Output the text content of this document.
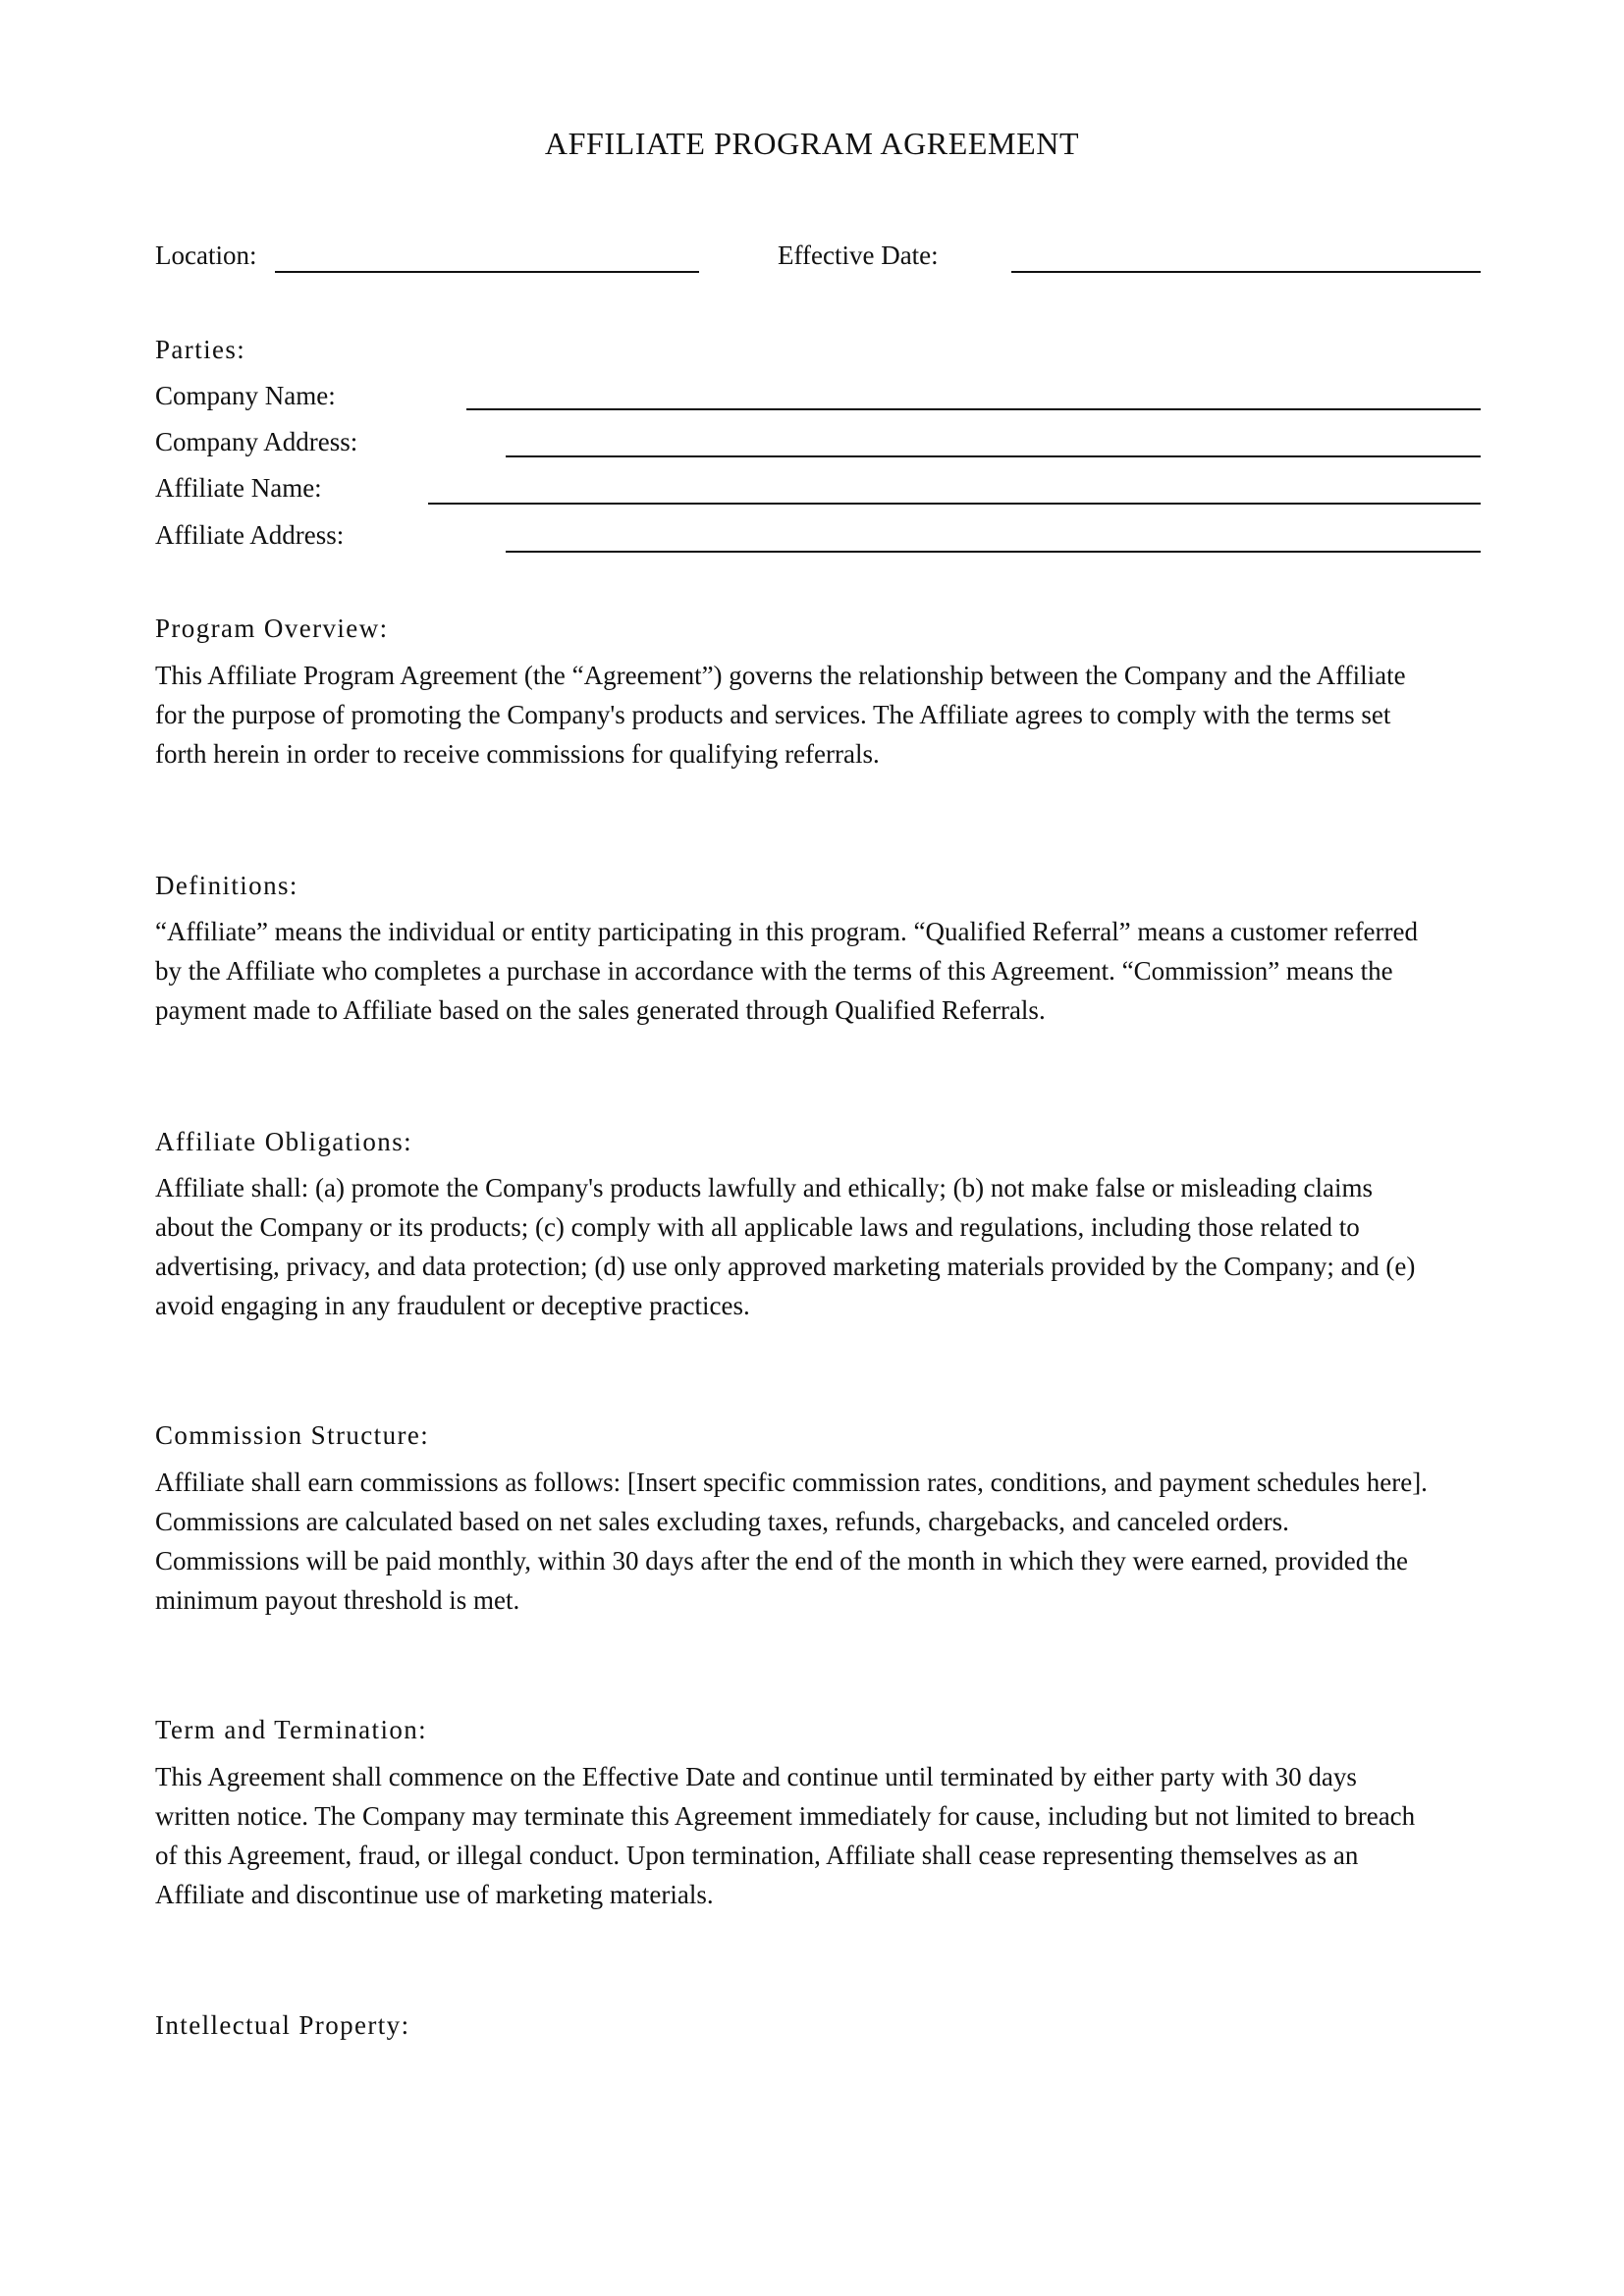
AFFILIATE PROGRAM AGREEMENT
Location:	Effective Date:
Parties:
Company Name:
Company Address:
Affiliate Name:
Affiliate Address:
Program Overview:
This Affiliate Program Agreement (the “Agreement”) governs the relationship between the Company and the Affiliate
for the purpose of promoting the Company's products and services. The Affiliate agrees to comply with the terms set
forth herein in order to receive commissions for qualifying referrals.
Definitions:
“Affiliate” means the individual or entity participating in this program. “Qualified Referral” means a customer referred
by the Affiliate who completes a purchase in accordance with the terms of this Agreement. “Commission” means the
payment made to Affiliate based on the sales generated through Qualified Referrals.
Affiliate Obligations:
Affiliate shall: (a) promote the Company's products lawfully and ethically; (b) not make false or misleading claims
about the Company or its products; (c) comply with all applicable laws and regulations, including those related to
advertising, privacy, and data protection; (d) use only approved marketing materials provided by the Company; and (e)
avoid engaging in any fraudulent or deceptive practices.
Commission Structure:
Affiliate shall earn commissions as follows: [Insert specific commission rates, conditions, and payment schedules here].
Commissions are calculated based on net sales excluding taxes, refunds, chargebacks, and canceled orders.
Commissions will be paid monthly, within 30 days after the end of the month in which they were earned, provided the
minimum payout threshold is met.
Term and Termination:
This Agreement shall commence on the Effective Date and continue until terminated by either party with 30 days
written notice. The Company may terminate this Agreement immediately for cause, including but not limited to breach
of this Agreement, fraud, or illegal conduct. Upon termination, Affiliate shall cease representing themselves as an
Affiliate and discontinue use of marketing materials.
Intellectual Property:
